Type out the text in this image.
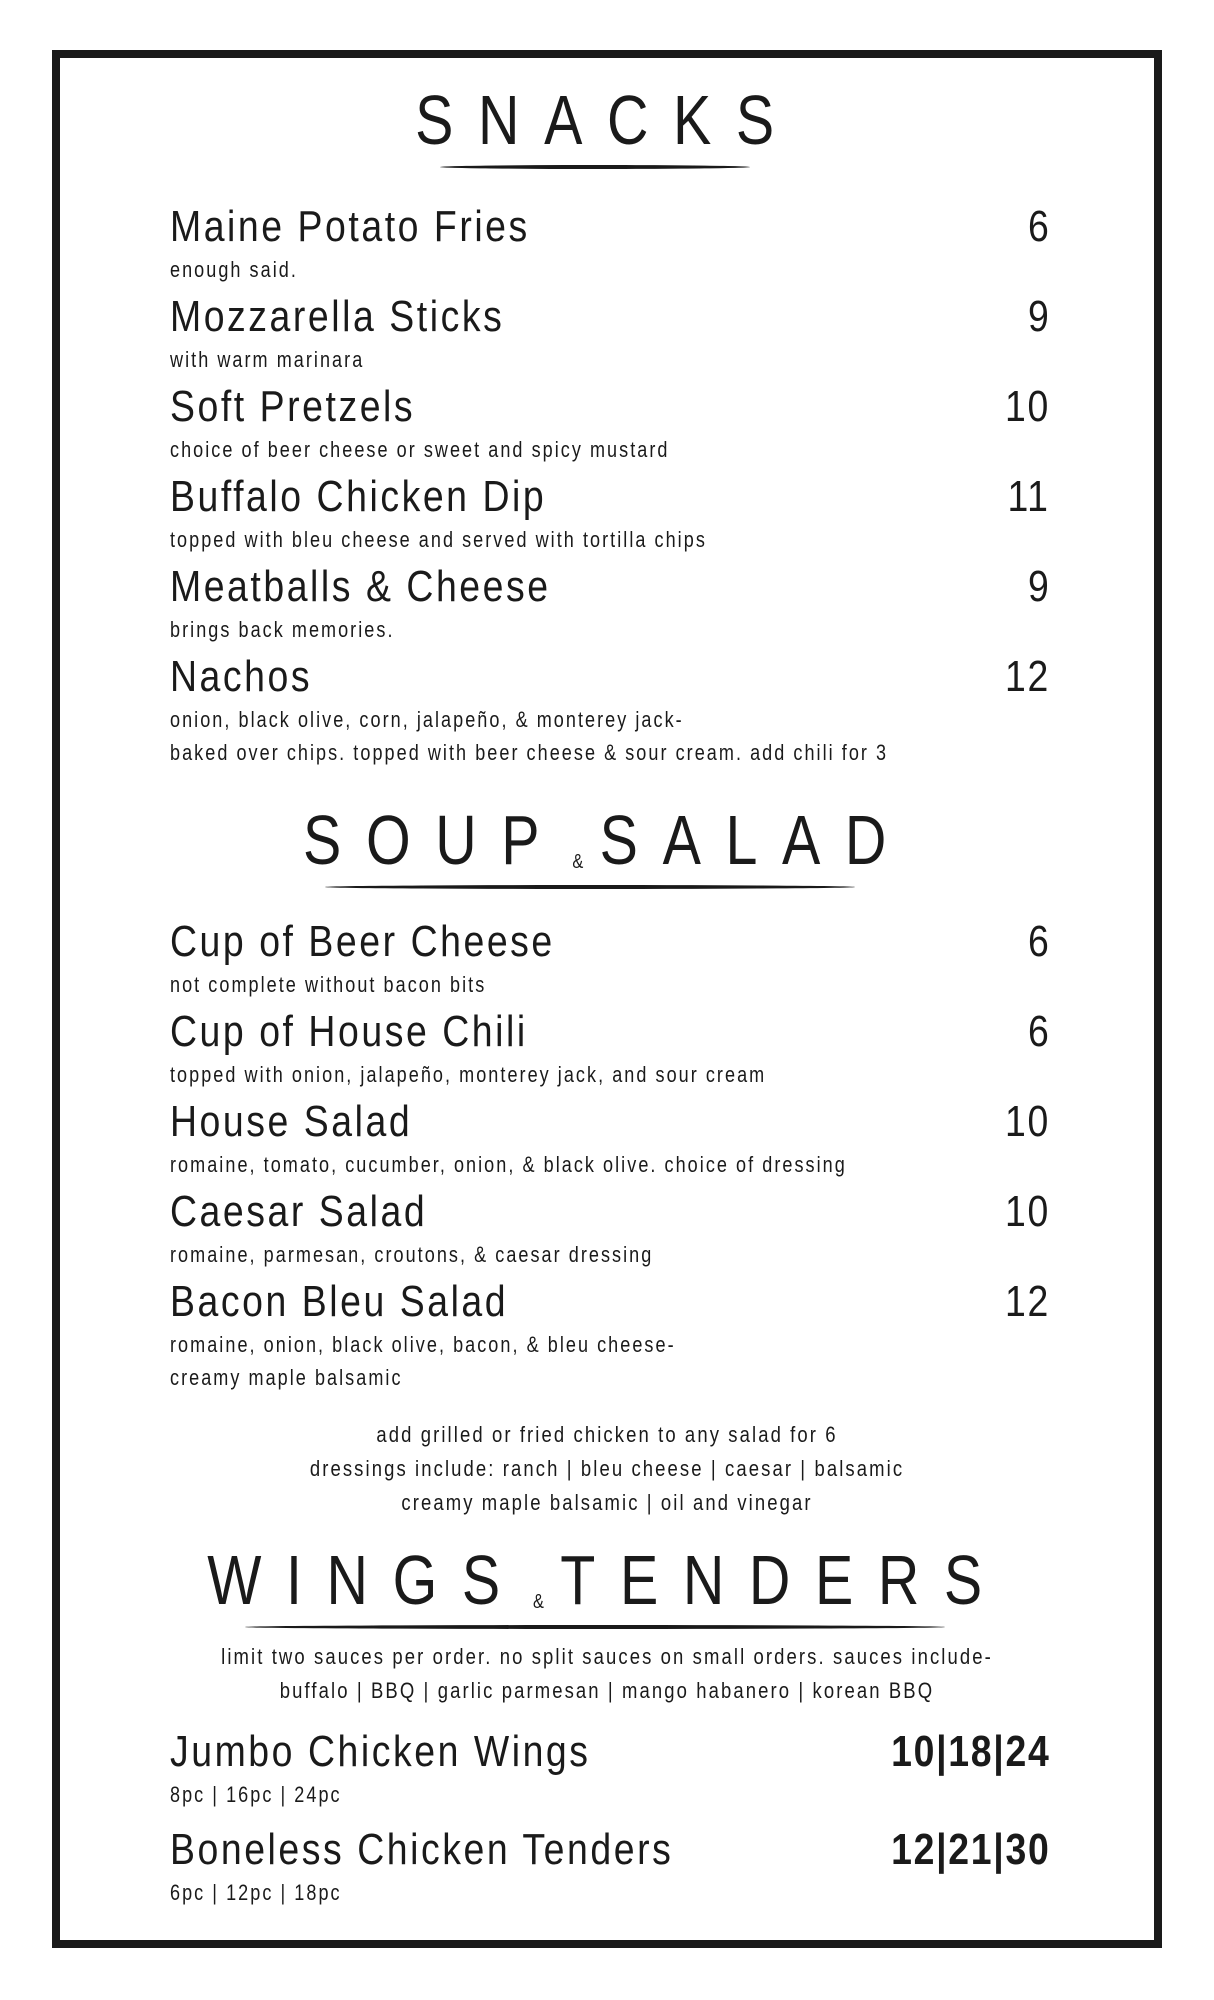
SNACKS
Maine Potato Fries	6
enough said.
Mozzarella Sticks	9
with warm marinara
Soft Pretzels	10
choice of beer cheese or sweet and spicy mustard
Buffalo Chicken Dip	11
topped with bleu cheese and served with tortilla chips
Meatballs & Cheese	9
brings back memories.
Nachos	12
onion, black olive, corn, jalapeño, & monterey jack-
baked over chips. topped with beer cheese & sour cream. add chili for 3
SOUP & SALAD
Cup of Beer Cheese	6
not complete without bacon bits
Cup of House Chili	6
topped with onion, jalapeño, monterey jack, and sour cream
House Salad	10
romaine, tomato, cucumber, onion, & black olive. choice of dressing
Caesar Salad	10
romaine, parmesan, croutons, & caesar dressing
Bacon Bleu Salad	12
romaine, onion, black olive, bacon, & bleu cheese-
creamy maple balsamic
add grilled or fried chicken to any salad for 6
dressings include: ranch | bleu cheese | caesar | balsamic
creamy maple balsamic | oil and vinegar
WINGS & TENDERS
limit two sauces per order. no split sauces on small orders. sauces include-
buffalo | BBQ | garlic parmesan | mango habanero | korean BBQ
Jumbo Chicken Wings	10|18|24
8pc | 16pc | 24pc
Boneless Chicken Tenders	12|21|30
6pc | 12pc | 18pc
